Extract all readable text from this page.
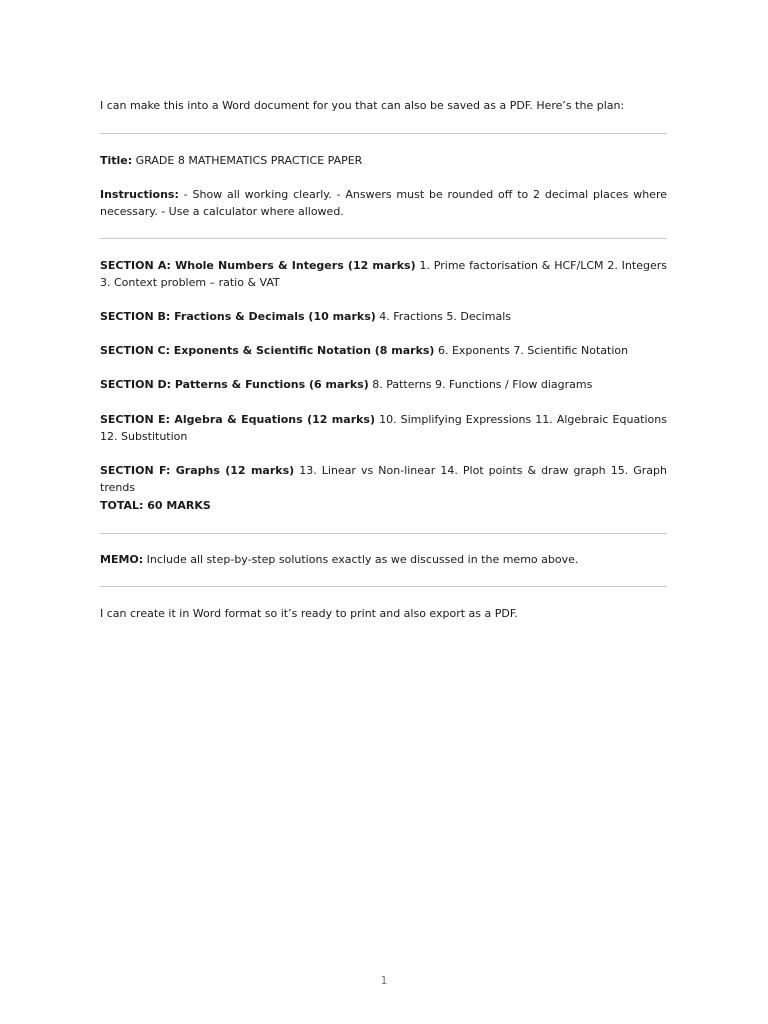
I can make this into a Word document for you that can also be saved as a PDF. Here’s the plan:

Title: GRADE 8 MATHEMATICS PRACTICE PAPER

Instructions: - Show all working clearly. - Answers must be rounded off to 2 decimal places where necessary. - Use a calculator where allowed.

SECTION A: Whole Numbers & Integers (12 marks) 1. Prime factorisation & HCF/LCM 2. Integers 3. Context problem – ratio & VAT

SECTION B: Fractions & Decimals (10 marks) 4. Fractions 5. Decimals

SECTION C: Exponents & Scientific Notation (8 marks) 6. Exponents 7. Scientific Notation

SECTION D: Patterns & Functions (6 marks) 8. Patterns 9. Functions / Flow diagrams

SECTION E: Algebra & Equations (12 marks) 10. Simplifying Expressions 11. Algebraic Equations 12. Substitution

SECTION F: Graphs (12 marks) 13. Linear vs Non-linear 14. Plot points & draw graph 15. Graph trends

TOTAL: 60 MARKS

MEMO: Include all step-by-step solutions exactly as we discussed in the memo above.

I can create it in Word format so it’s ready to print and also export as a PDF.

1
